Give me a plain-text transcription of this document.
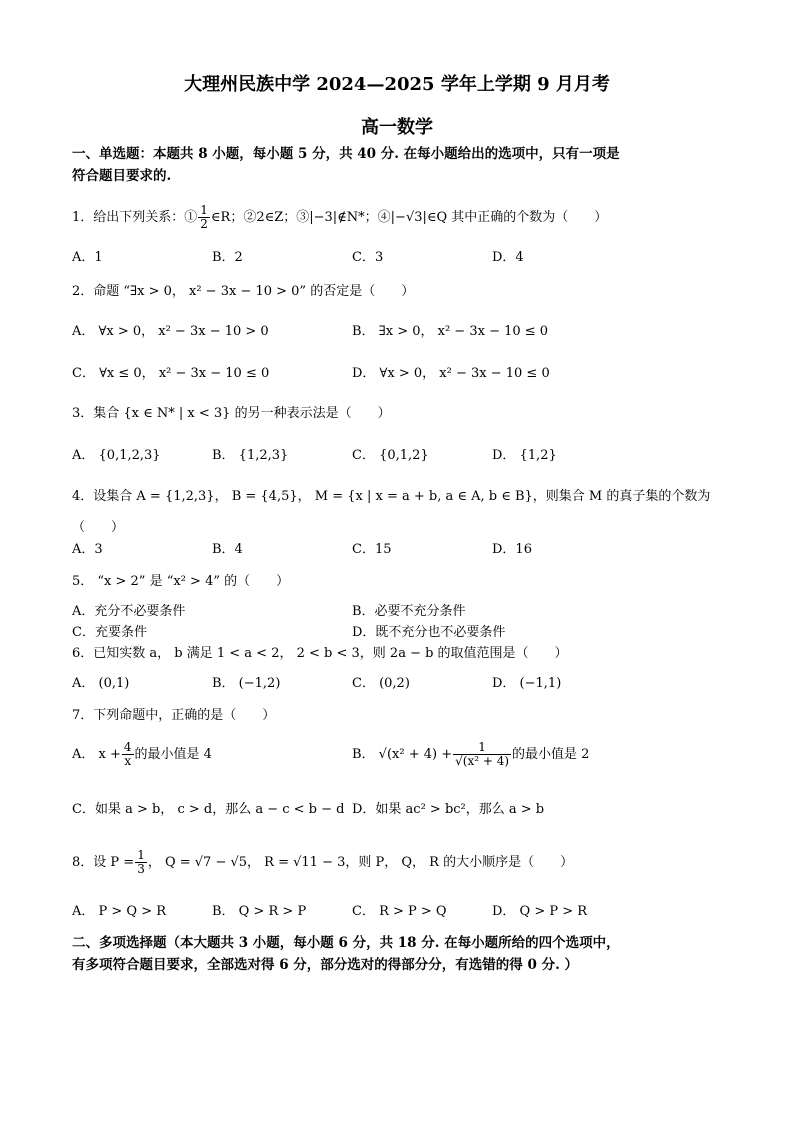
大理州民族中学 2024—2025 学年上学期 9 月月考
高一数学
一、单选题：本题共 8 小题，每小题 5 分，共 40 分. 在每小题给出的选项中，只有一项是
符合题目要求的.
1．给出下列关系：① $\frac{1}{2}$ ∈R；②2∈Z；③|−3|∉N*；④|−√3|∈Q 其中正确的个数为（　　）
A．1	B．2	C．3	D．4
2．命题 “∃x > 0， x² − 3x − 10 > 0” 的否定是（　　）
A． ∀x > 0， x² − 3x − 10 > 0	B． ∃x > 0， x² − 3x − 10 ≤ 0
C． ∀x ≤ 0， x² − 3x − 10 ≤ 0	D． ∀x > 0， x² − 3x − 10 ≤ 0
3．集合 {x ∈ N* | x < 3} 的另一种表示法是（　　）
A． {0,1,2,3}	B． {1,2,3}	C． {0,1,2}	D． {1,2}
4．设集合 A = {1,2,3}， B = {4,5}， M = {x | x = a + b, a ∈ A, b ∈ B}，则集合 M 的真子集的个数为
（　　）
A．3	B．4	C．15	D．16
5． “x > 2” 是 “x² > 4” 的（　　）
A．充分不必要条件	B．必要不充分条件
C．充要条件	D．既不充分也不必要条件
6．已知实数 a， b 满足 1 < a < 2， 2 < b < 3，则 2a − b 的取值范围是（　　）
A． (0,1)	B． (−1,2)	C． (0,2)	D． (−1,1)
7．下列命题中，正确的是（　　）
A． $x + \frac{4}{x}$ 的最小值是 4	B． $√(x^2 + 4) + \frac{1}{\text{√(x² + 4)}}$ 的最小值是 2
C．如果 a > b， c > d，那么 a − c < b − d D．如果 ac² > bc²，那么 a > b
8．设 $P = \frac{1}{3}$ ， Q = √7 − √5， R = √11 − 3，则 P， Q， R 的大小顺序是（　　）
A． P > Q > R	B． Q > R > P	C． R > P > Q	D． Q > P > R
二、多项选择题（本大题共 3 小题，每小题 6 分，共 18 分. 在每小题所给的四个选项中，
有多项符合题目要求，全部选对得 6 分，部分选对的得部分分，有选错的得 0 分. ）
